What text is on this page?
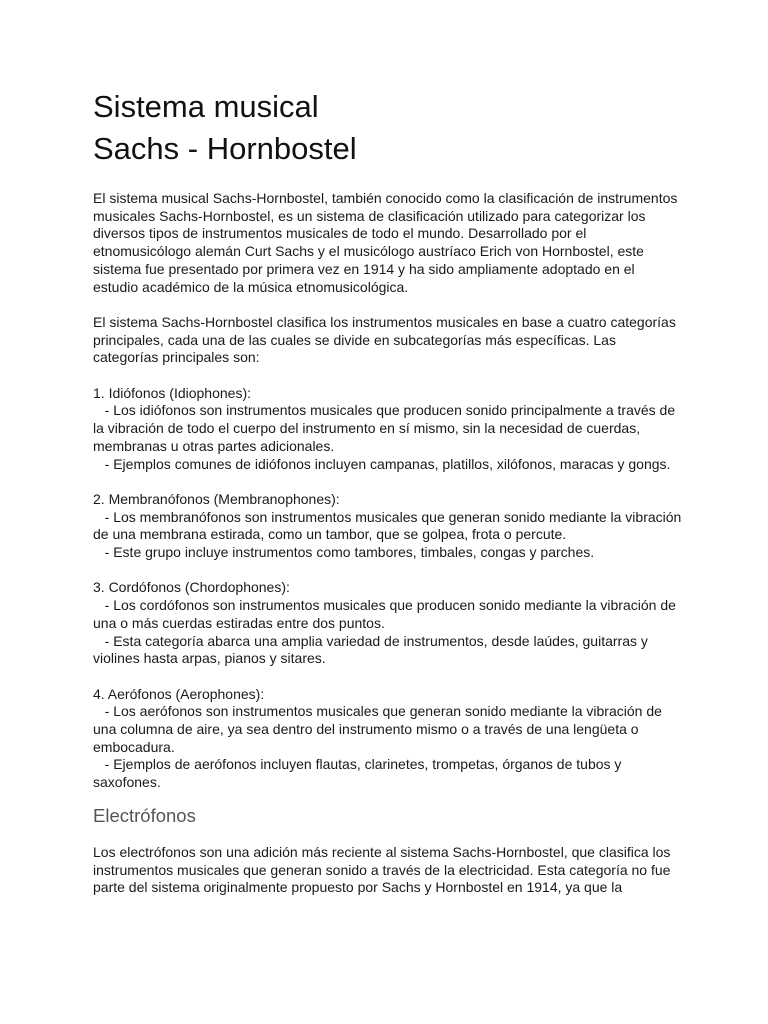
Sistema musical
Sachs - Hornbostel

El sistema musical Sachs-Hornbostel, también conocido como la clasificación de instrumentos musicales Sachs-Hornbostel, es un sistema de clasificación utilizado para categorizar los diversos tipos de instrumentos musicales de todo el mundo. Desarrollado por el etnomusicólogo alemán Curt Sachs y el musicólogo austríaco Erich von Hornbostel, este sistema fue presentado por primera vez en 1914 y ha sido ampliamente adoptado en el estudio académico de la música etnomusicológica.

El sistema Sachs-Hornbostel clasifica los instrumentos musicales en base a cuatro categorías principales, cada una de las cuales se divide en subcategorías más específicas. Las categorías principales son:

1. Idiófonos (Idiophones):

- Los idiófonos son instrumentos musicales que producen sonido principalmente a través de la vibración de todo el cuerpo del instrumento en sí mismo, sin la necesidad de cuerdas, membranas u otras partes adicionales.

- Ejemplos comunes de idiófonos incluyen campanas, platillos, xilófonos, maracas y gongs.

2. Membranófonos (Membranophones):

- Los membranófonos son instrumentos musicales que generan sonido mediante la vibración de una membrana estirada, como un tambor, que se golpea, frota o percute.

- Este grupo incluye instrumentos como tambores, timbales, congas y parches.

3. Cordófonos (Chordophones):

- Los cordófonos son instrumentos musicales que producen sonido mediante la vibración de una o más cuerdas estiradas entre dos puntos.

- Esta categoría abarca una amplia variedad de instrumentos, desde laúdes, guitarras y violines hasta arpas, pianos y sitares.

4. Aerófonos (Aerophones):

- Los aerófonos son instrumentos musicales que generan sonido mediante la vibración de una columna de aire, ya sea dentro del instrumento mismo o a través de una lengüeta o embocadura.

- Ejemplos de aerófonos incluyen flautas, clarinetes, trompetas, órganos de tubos y saxofones.

Electrófonos

Los electrófonos son una adición más reciente al sistema Sachs-Hornbostel, que clasifica los instrumentos musicales que generan sonido a través de la electricidad. Esta categoría no fue parte del sistema originalmente propuesto por Sachs y Hornbostel en 1914, ya que la
